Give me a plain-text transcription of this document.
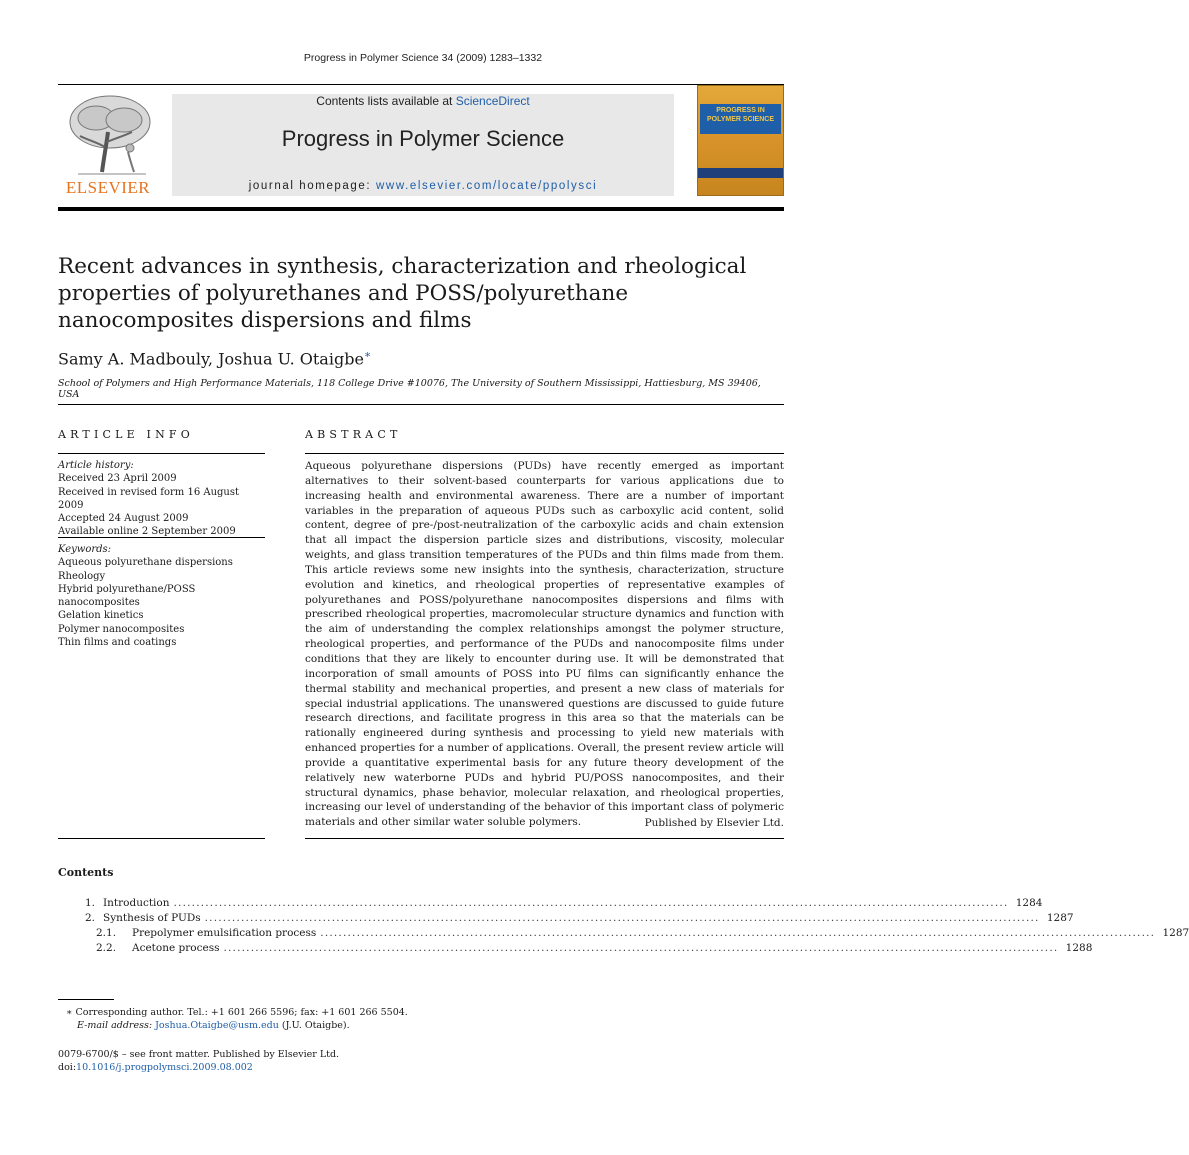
Progress in Polymer Science 34 (2009) 1283–1332
ELSEVIER
Contents lists available at ScienceDirect
Progress in Polymer Science
journal homepage: www.elsevier.com/locate/ppolysci
PROGRESS IN POLYMER SCIENCE
Recent advances in synthesis, characterization and rheological properties of polyurethanes and POSS/polyurethane nanocomposites dispersions and films
Samy A. Madbouly, Joshua U. Otaigbe∗
School of Polymers and High Performance Materials, 118 College Drive #10076, The University of Southern Mississippi, Hattiesburg, MS 39406, USA
ARTICLE INFO
Article history:
Received 23 April 2009
Received in revised form 16 August 2009
Accepted 24 August 2009
Available online 2 September 2009
Keywords:
Aqueous polyurethane dispersions
Rheology
Hybrid polyurethane/POSS nanocomposites
Gelation kinetics
Polymer nanocomposites
Thin films and coatings
ABSTRACT
Aqueous polyurethane dispersions (PUDs) have recently emerged as important alternatives to their solvent-based counterparts for various applications due to increasing health and environmental awareness. There are a number of important variables in the preparation of aqueous PUDs such as carboxylic acid content, solid content, degree of pre-/post-neutralization of the carboxylic acids and chain extension that all impact the dispersion particle sizes and distributions, viscosity, molecular weights, and glass transition temperatures of the PUDs and thin films made from them. This article reviews some new insights into the synthesis, characterization, structure evolution and kinetics, and rheological properties of representative examples of polyurethanes and POSS/polyurethane nanocomposites dispersions and films with prescribed rheological properties, macromolecular structure dynamics and function with the aim of understanding the complex relationships amongst the polymer structure, rheological properties, and performance of the PUDs and nanocomposite films under conditions that they are likely to encounter during use. It will be demonstrated that incorporation of small amounts of POSS into PU films can significantly enhance the thermal stability and mechanical properties, and present a new class of materials for special industrial applications. The unanswered questions are discussed to guide future research directions, and facilitate progress in this area so that the materials can be rationally engineered during synthesis and processing to yield new materials with enhanced properties for a number of applications. Overall, the present review article will provide a quantitative experimental basis for any future theory development of the relatively new waterborne PUDs and hybrid PU/POSS nanocomposites, and their structural dynamics, phase behavior, molecular relaxation, and rheological properties, increasing our level of understanding of the behavior of this important class of polymeric materials and other similar water soluble polymers.	Published by Elsevier Ltd.
Contents
1. Introduction ........................................................................................................................................................................................ 1284
2. Synthesis of PUDs ........................................................................................................................................................................................ 1287
2.1.	Prepolymer emulsification process ........................................................................................................................................................................................ 1287
2.2.	Acetone process ........................................................................................................................................................................................ 1288
∗ Corresponding author. Tel.: +1 601 266 5596; fax: +1 601 266 5504.
E-mail address: Joshua.Otaigbe@usm.edu (J.U. Otaigbe).
0079-6700/$ – see front matter. Published by Elsevier Ltd.
doi:10.1016/j.progpolymsci.2009.08.002
